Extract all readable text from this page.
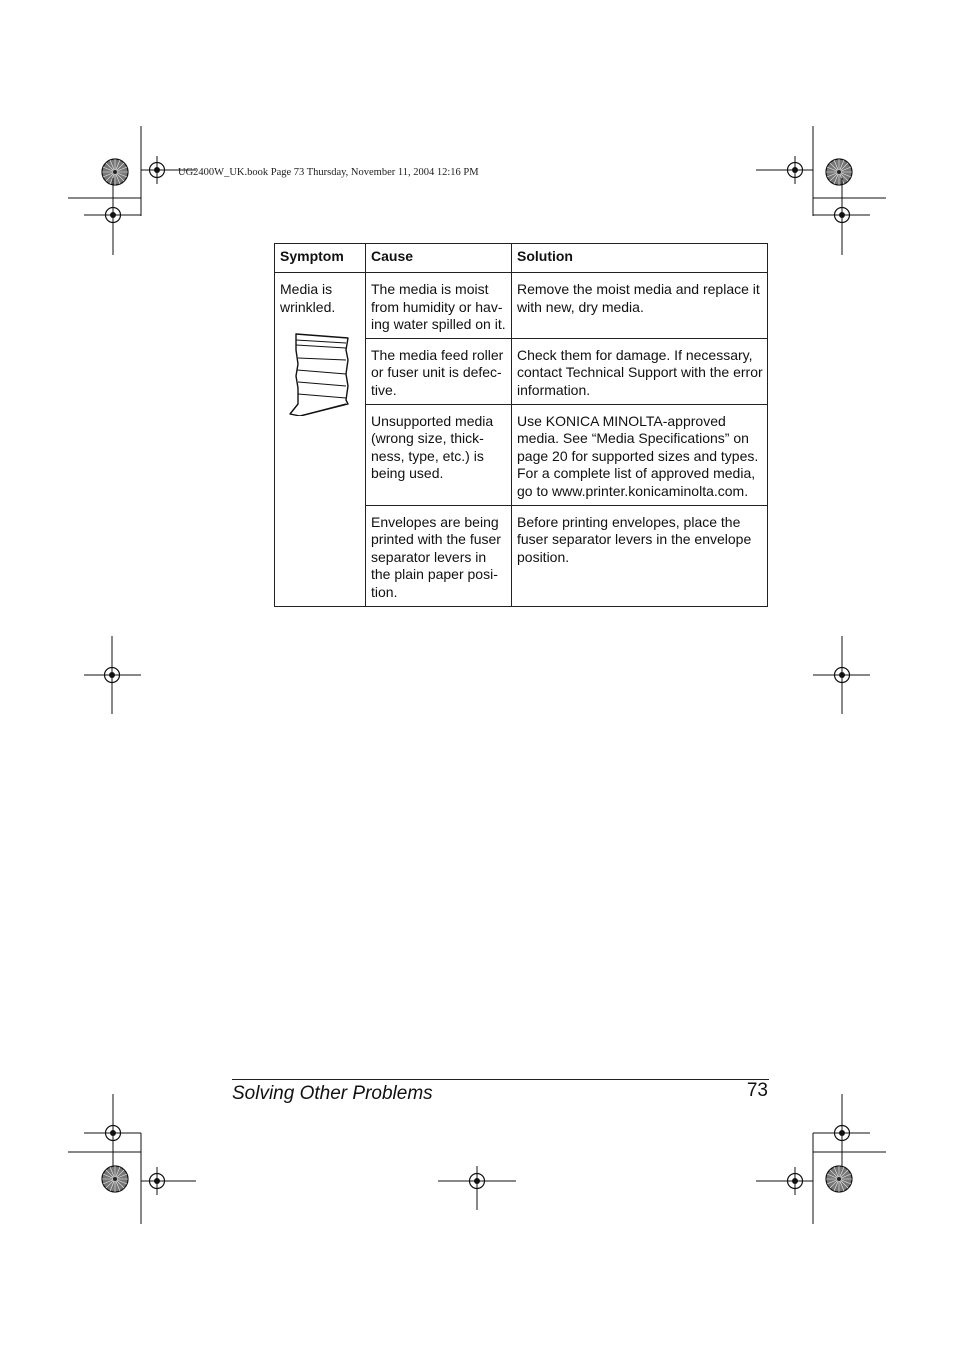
UG2400W_UK.book Page 73 Thursday, November 11, 2004 12:16 PM
Symptom	Cause	Solution
Media is wrinkled.	The media is moist from humidity or hav-ing water spilled on it.	Remove the moist media and replace it with new, dry media.
	The media feed roller or fuser unit is defec-tive.	Check them for damage. If necessary, contact Technical Support with the error information.
	Unsupported media (wrong size, thick-ness, type, etc.) is being used.	Use KONICA MINOLTA-approved media. See “Media Specifications” on page 20 for supported sizes and types. For a complete list of approved media, go to www.printer.konicaminolta.com.
	Envelopes are being printed with the fuser separator levers in the plain paper posi-tion.	Before printing envelopes, place the fuser separator levers in the envelope position.
Solving Other Problems	73
